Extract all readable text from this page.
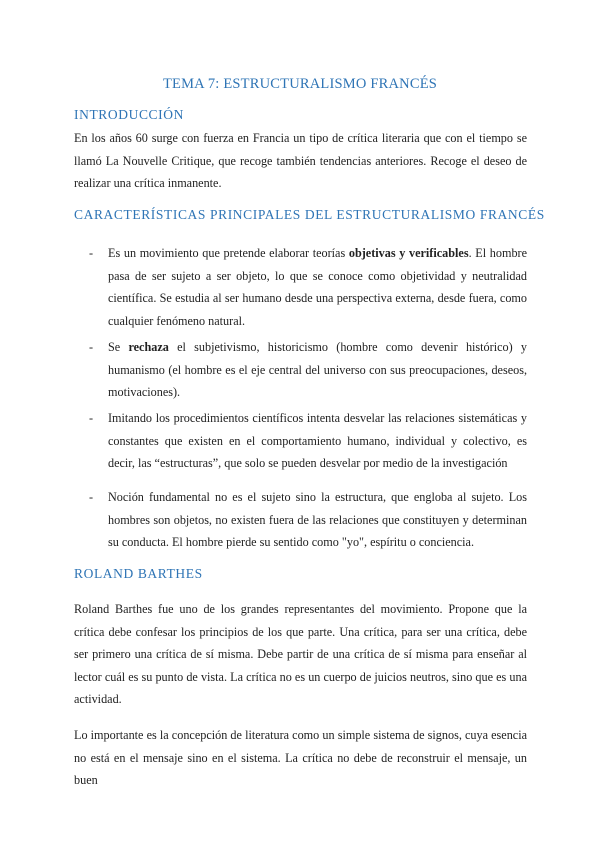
TEMA 7: ESTRUCTURALISMO FRANCÉS
INTRODUCCIÓN

En los años 60 surge con fuerza en Francia un tipo de crítica literaria que con el tiempo se llamó La Nouvelle Critique, que recoge también tendencias anteriores. Recoge el deseo de realizar una crítica inmanente.

CARACTERÍSTICAS PRINCIPALES DEL ESTRUCTURALISMO FRANCÉS
- Es un movimiento que pretende elaborar teorías objetivas y verificables. El hombre pasa de ser sujeto a ser objeto, lo que se conoce como objetividad y neutralidad científica. Se estudia al ser humano desde una perspectiva externa, desde fuera, como cualquier fenómeno natural.

- Se rechaza el subjetivismo, historicismo (hombre como devenir histórico) y humanismo (el hombre es el eje central del universo con sus preocupaciones, deseos, motivaciones).

- Imitando los procedimientos científicos intenta desvelar las relaciones sistemáticas y constantes que existen en el comportamiento humano, individual y colectivo, es decir, las “estructuras”, que solo se pueden desvelar por medio de la investigación

- Noción fundamental no es el sujeto sino la estructura, que engloba al sujeto. Los hombres son objetos, no existen fuera de las relaciones que constituyen y determinan su conducta. El hombre pierde su sentido como "yo", espíritu o conciencia.

ROLAND BARTHES

Roland Barthes fue uno de los grandes representantes del movimiento. Propone que la crítica debe confesar los principios de los que parte. Una crítica, para ser una crítica, debe ser primero una crítica de sí misma. Debe partir de una crítica de sí misma para enseñar al lector cuál es su punto de vista. La crítica no es un cuerpo de juicios neutros, sino que es una actividad.

Lo importante es la concepción de literatura como un simple sistema de signos, cuya esencia no está en el mensaje sino en el sistema. La crítica no debe de reconstruir el mensaje, un buen
